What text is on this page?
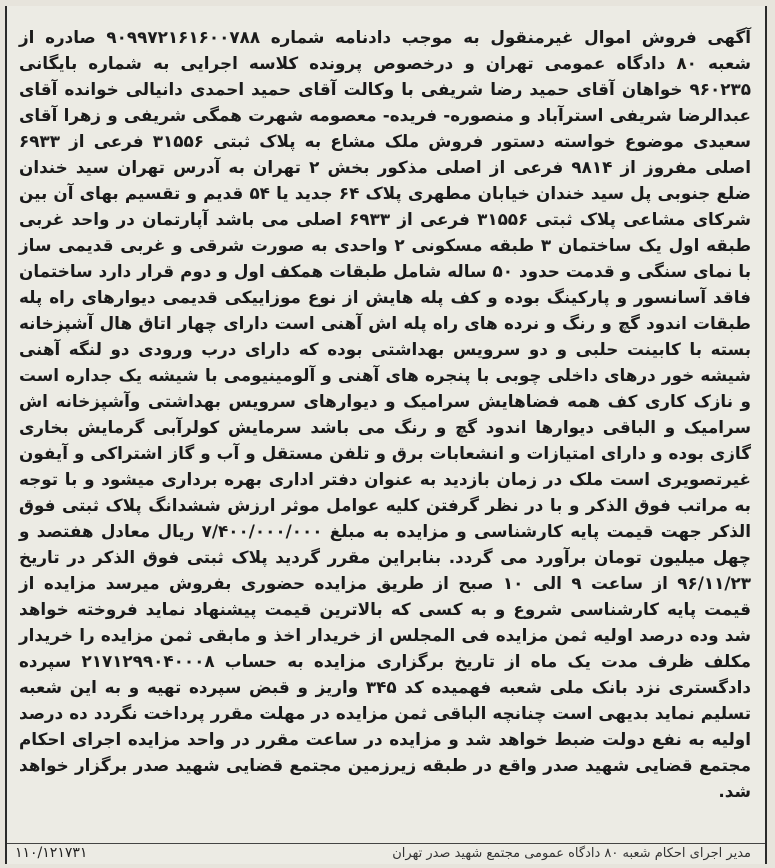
آگهی فروش اموال غیرمنقول به موجب دادنامه شماره ۹۰۹۹۷۲۱۶۱۶۰۰۷۸۸ صادره از شعبه ۸۰ دادگاه عمومی تهران و درخصوص پرونده کلاسه اجرایی به شماره بایگانی ۹۶۰۲۳۵ خواهان آقای حمید رضا شریفی با وکالت آقای حمید احمدی دانیالی خوانده آقای عبدالرضا شریفی استرآباد و منصوره- فریده- معصومه شهرت همگی شریفی و زهرا آقای سعیدی موضوع خواسته دستور فروش ملک مشاع به پلاک ثبتی ۳۱۵۵۶ فرعی از ۶۹۳۳ اصلی مفروز از ۹۸۱۴ فرعی از اصلی مذکور بخش ۲ تهران به آدرس تهران سید خندان ضلع جنوبی پل سید خندان خیابان مطهری پلاک ۶۴ جدید یا ۵۴ قدیم و تقسیم بهای آن بین شرکای مشاعی پلاک ثبتی ۳۱۵۵۶ فرعی از ۶۹۳۳ اصلی می باشد آپارتمان در واحد غربی طبقه اول یک ساختمان ۳ طبقه مسکونی ۲ واحدی به صورت شرقی و غربی قدیمی ساز با نمای سنگی و قدمت حدود ۵۰ ساله شامل طبقات همکف اول و دوم قرار دارد ساختمان فاقد آسانسور و پارکینگ بوده و کف پله هایش از نوع موزاییکی قدیمی دیوارهای راه پله طبقات اندود گچ و رنگ و نرده های راه پله اش آهنی است دارای چهار اتاق هال آشپزخانه بسته با کابینت حلبی و دو سرویس بهداشتی بوده که دارای درب ورودی دو لنگه آهنی شیشه خور درهای داخلی چوبی با پنجره های آهنی و آلومینیومی با شیشه یک جداره است و نازک کاری کف همه فضاهایش سرامیک و دیوارهای سرویس بهداشتی وآشپزخانه اش سرامیک و الباقی دیوارها اندود گچ و رنگ می باشد سرمایش کولرآبی گرمایش بخاری گازی بوده و دارای امتیازات و انشعابات برق و تلفن مستقل و آب و گاز اشتراکی و آیفون غیرتصویری است ملک در زمان بازدید به عنوان دفتر اداری بهره برداری میشود و با توجه به مراتب فوق الذکر و با در نظر گرفتن کلیه عوامل موثر ارزش ششدانگ پلاک ثبتی فوق الذکر جهت قیمت پایه کارشناسی و مزایده به مبلغ ۷/۴۰۰/۰۰۰/۰۰۰ ریال معادل هفتصد و چهل میلیون تومان برآورد می گردد. بنابراین مقرر گردید پلاک ثبتی فوق الذکر در تاریخ ۹۶/۱۱/۲۳ از ساعت ۹ الی ۱۰ صبح از طریق مزایده حضوری بفروش میرسد مزایده از قیمت پایه کارشناسی شروع و به کسی که بالاترین قیمت پیشنهاد نماید فروخته خواهد شد وده درصد اولیه ثمن مزایده فی المجلس از خریدار اخذ و مابقی ثمن مزایده را خریدار مکلف ظرف مدت یک ماه از تاریخ برگزاری مزایده به حساب ۲۱۷۱۲۹۹۰۴۰۰۰۸ سپرده دادگستری نزد بانک ملی شعبه فهمیده کد ۳۴۵ واریز و قبض سپرده تهیه و به این شعبه تسلیم نماید بدیهی است چنانچه الباقی ثمن مزایده در مهلت مقرر پرداخت نگردد ده درصد اولیه به نفع دولت ضبط خواهد شد و مزایده در ساعت مقرر در واحد مزایده اجرای احکام مجتمع قضایی شهید صدر واقع در طبقه زیرزمین مجتمع قضایی شهید صدر برگزار خواهد شد.

مدیر اجرای احکام شعبه ۸۰ دادگاه عمومی مجتمع شهید صدر تهران
۱۱۰/۱۲۱۷۳۱
